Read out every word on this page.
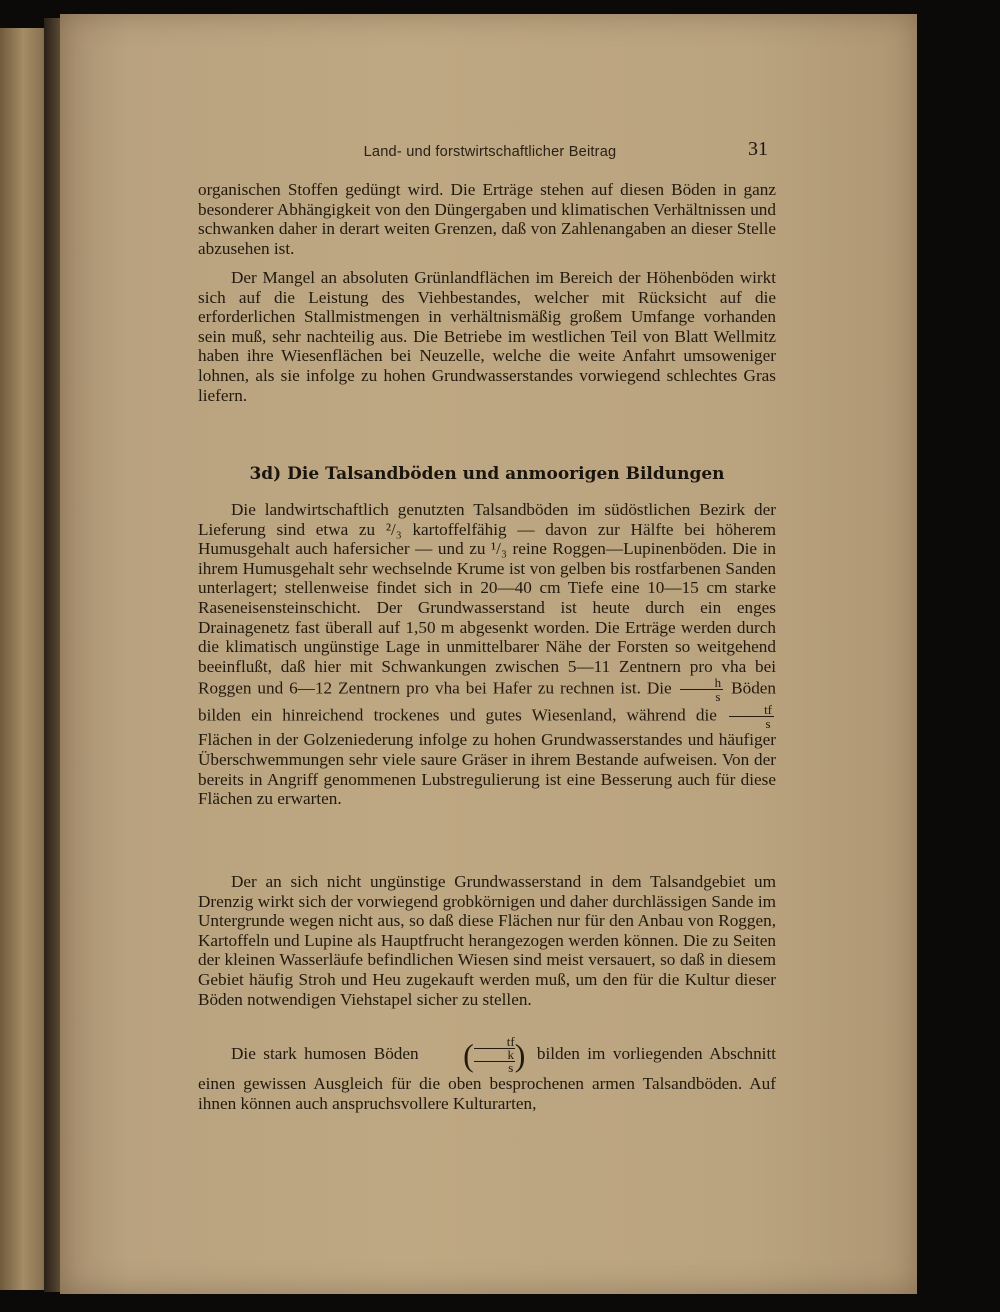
Land- und forstwirtschaftlicher Beitrag	31

organischen Stoffen gedüngt wird. Die Erträge stehen auf diesen Böden in ganz besonderer Abhängigkeit von den Düngergaben und klimatischen Verhältnissen und schwanken daher in derart weiten Grenzen, daß von Zahlenangaben an dieser Stelle abzusehen ist.

Der Mangel an absoluten Grünlandflächen im Bereich der Höhenböden wirkt sich auf die Leistung des Viehbestandes, welcher mit Rücksicht auf die erforderlichen Stallmistmengen in verhältnismäßig großem Umfange vorhanden sein muß, sehr nachteilig aus. Die Betriebe im westlichen Teil von Blatt Wellmitz haben ihre Wiesenflächen bei Neuzelle, welche die weite Anfahrt umsoweniger lohnen, als sie infolge zu hohen Grundwasserstandes vorwiegend schlechtes Gras liefern.

3d) Die Talsandböden und anmoorigen Bildungen

Die landwirtschaftlich genutzten Talsandböden im südöstlichen Bezirk der Lieferung sind etwa zu ²/₃ kartoffelfähig — davon zur Hälfte bei höherem Humusgehalt auch hafersicher — und zu ¹/₃ reine Roggen—Lupinenböden. Die in ihrem Humusgehalt sehr wechselnde Krume ist von gelben bis rostfarbenen Sanden unterlagert; stellenweise findet sich in 20—40 cm Tiefe eine 10—15 cm starke Raseneisensteinschicht. Der Grundwasserstand ist heute durch ein enges Drainagenetz fast überall auf 1,50 m abgesenkt worden. Die Erträge werden durch die klimatisch ungünstige Lage in unmittelbarer Nähe der Forsten so weitgehend beeinflußt, daß hier mit Schwankungen zwischen 5—11 Zentnern pro vha bei Roggen und 6—12 Zentnern pro vha bei Hafer zu rechnen ist. Die $\frac{h}{s}$ Böden bilden ein hinreichend trockenes und gutes Wiesenland, während die $\frac{tf}{s}$
Flächen in der Golzeniederung infolge zu hohen Grundwasserstandes und häufiger Überschwemmungen sehr viele saure Gräser in ihrem Bestande aufweisen. Von der bereits in Angriff genommenen Lubstregulierung ist eine Besserung auch für diese Flächen zu erwarten.

Der an sich nicht ungünstige Grundwasserstand in dem Talsandgebiet um Drenzig wirkt sich der vorwiegend grobkörnigen und daher durchlässigen Sande im Untergrunde wegen nicht aus, so daß diese Flächen nur für den Anbau von Roggen, Kartoffeln und Lupine als Hauptfrucht herangezogen werden können. Die zu Seiten der kleinen Wasserläufe befindlichen Wiesen sind meist versauert, so daß in diesem Gebiet häufig Stroh und Heu zugekauft werden muß, um den für die Kultur dieser Böden notwendigen Viehstapel sicher zu stellen.

Die stark humosen Böden (	tf
k
s ) bilden im vorliegenden Abschnitt einen gewissen Ausgleich für die oben besprochenen armen Talsandböden. Auf ihnen können auch anspruchsvollere Kulturarten,
